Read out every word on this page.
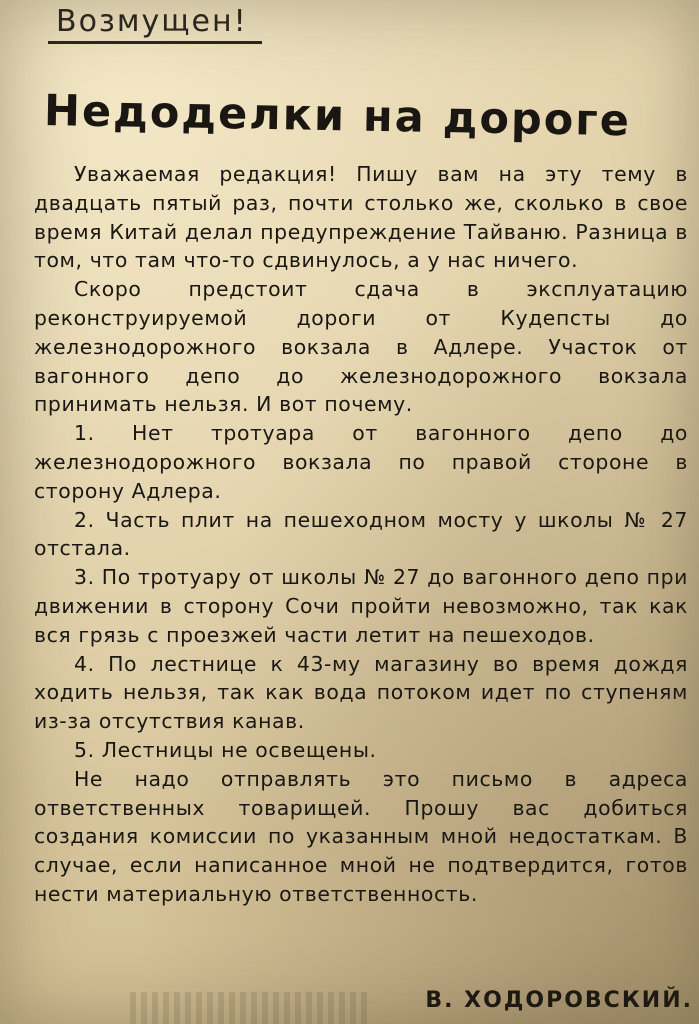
Возмущен!
Недоделки на дороге

Уважаемая редакция! Пишу вам на эту тему в двадцать пятый раз, почти столько же, сколько в свое время Китай делал предупреждение Тайваню. Разница в том, что там что-то сдвинулось, а у нас ничего.

Скоро предстоит сдача в эксплуатацию реконструируемой дороги от Кудепсты до железнодорожного вокзала в Адлере. Участок от вагонного депо до железнодорожного вокзала принимать нельзя. И вот почему.

1. Нет тротуара от вагонного депо до железнодорожного вокзала по правой стороне в сторону Адлера.

2. Часть плит на пешеходном мосту у школы № 27 отстала.

3. По тротуару от школы № 27 до вагонного депо при движении в сторону Сочи пройти невозможно, так как вся грязь с проезжей части летит на пешеходов.

4. По лестнице к 43-му магазину во время дождя ходить нельзя, так как вода потоком идет по ступеням из-за отсутствия канав.

5. Лестницы не освещены.

Не надо отправлять это письмо в адреса ответственных товарищей. Прошу вас добиться создания комиссии по указанным мной недостаткам. В случае, если написанное мной не подтвердится, готов нести материальную ответственность.

В. ХОДОРОВСКИЙ.
